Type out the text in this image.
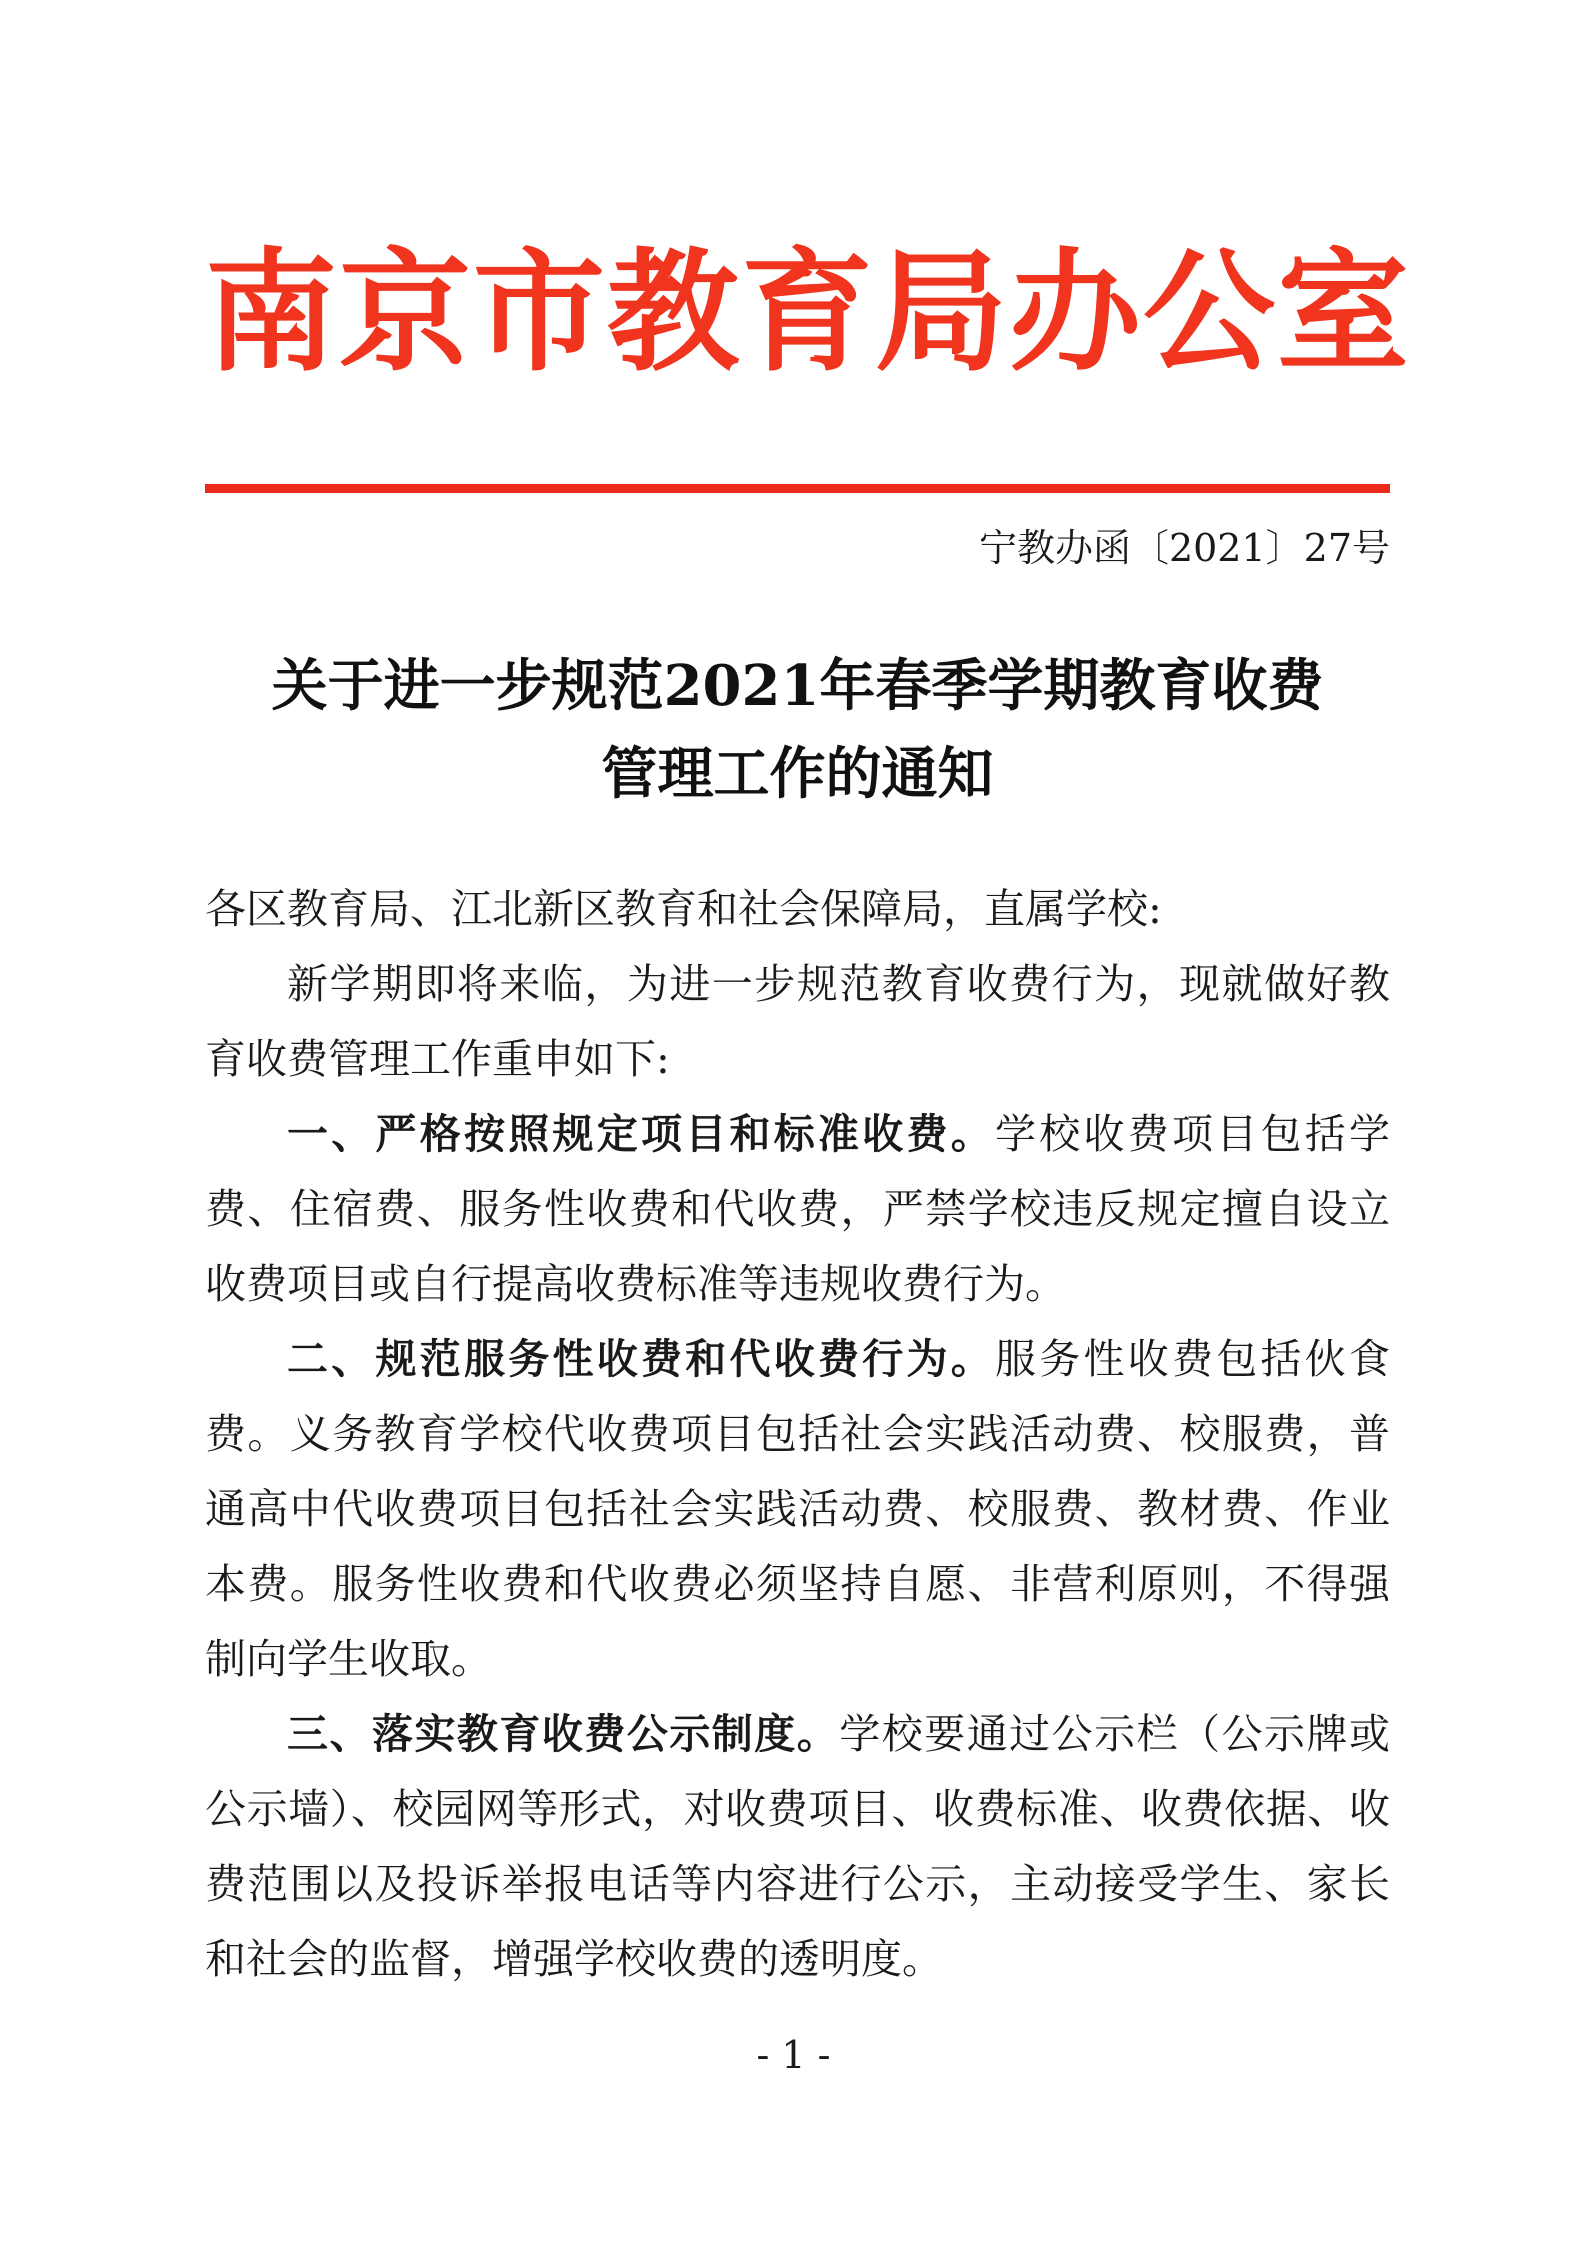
南京市教育局办公室
宁教办函〔2021〕27号
关于进一步规范2021年春季学期教育收费
管理工作的通知

各区教育局、江北新区教育和社会保障局，直属学校:

新学期即将来临，为进一步规范教育收费行为，现就做好教育收费管理工作重申如下:

一、严格按照规定项目和标准收费。学校收费项目包括学费、住宿费、服务性收费和代收费，严禁学校违反规定擅自设立收费项目或自行提高收费标准等违规收费行为。

二、规范服务性收费和代收费行为。服务性收费包括伙食费。义务教育学校代收费项目包括社会实践活动费、校服费，普通高中代收费项目包括社会实践活动费、校服费、教材费、作业本费。服务性收费和代收费必须坚持自愿、非营利原则，不得强制向学生收取。

三、落实教育收费公示制度。学校要通过公示栏（公示牌或公示墙）、校园网等形式，对收费项目、收费标准、收费依据、收费范围以及投诉举报电话等内容进行公示，主动接受学生、家长和社会的监督，增强学校收费的透明度。

- 1 -
